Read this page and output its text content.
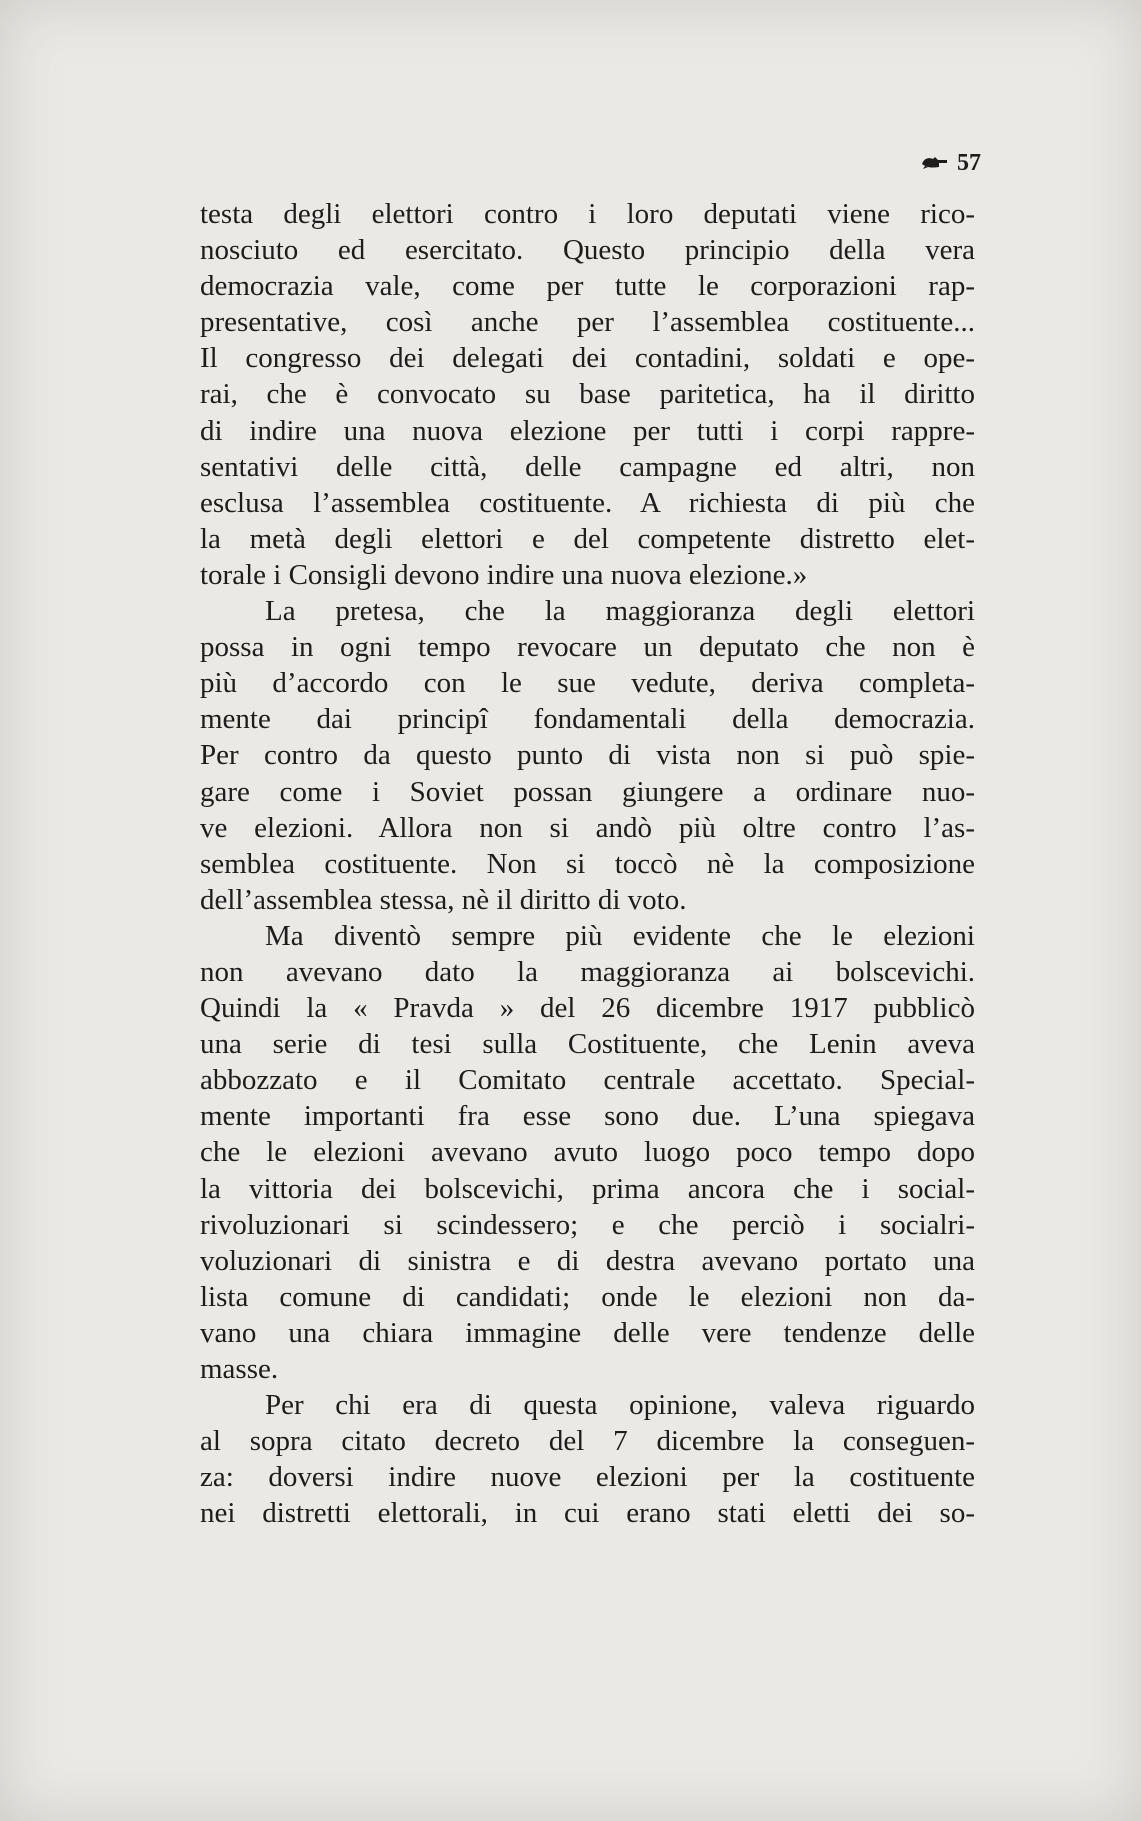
57
testa degli elettori contro i loro deputati viene rico-
nosciuto ed esercitato. Questo principio della vera
democrazia vale, come per tutte le corporazioni rap-
presentative, così anche per l’assemblea costituente...
Il congresso dei delegati dei contadini, soldati e ope-
rai, che è convocato su base paritetica, ha il diritto
di indire una nuova elezione per tutti i corpi rappre-
sentativi delle città, delle campagne ed altri, non
esclusa l’assemblea costituente. A richiesta di più che
la metà degli elettori e del competente distretto elet-
torale i Consigli devono indire una nuova elezione.»
La pretesa, che la maggioranza degli elettori
possa in ogni tempo revocare un deputato che non è
più d’accordo con le sue vedute, deriva completa-
mente dai principî fondamentali della democrazia.
Per contro da questo punto di vista non si può spie-
gare come i Soviet possan giungere a ordinare nuo-
ve elezioni. Allora non si andò più oltre contro l’as-
semblea costituente. Non si toccò nè la composizione
dell’assemblea stessa, nè il diritto di voto.
Ma diventò sempre più evidente che le elezioni
non avevano dato la maggioranza ai bolscevichi.
Quindi la « Pravda » del 26 dicembre 1917 pubblicò
una serie di tesi sulla Costituente, che Lenin aveva
abbozzato e il Comitato centrale accettato. Special-
mente importanti fra esse sono due. L’una spiegava
che le elezioni avevano avuto luogo poco tempo dopo
la vittoria dei bolscevichi, prima ancora che i social-
rivoluzionari si scindessero; e che perciò i socialri-
voluzionari di sinistra e di destra avevano portato una
lista comune di candidati; onde le elezioni non da-
vano una chiara immagine delle vere tendenze delle
masse.
Per chi era di questa opinione, valeva riguardo
al sopra citato decreto del 7 dicembre la conseguen-
za: doversi indire nuove elezioni per la costituente
nei distretti elettorali, in cui erano stati eletti dei so-
